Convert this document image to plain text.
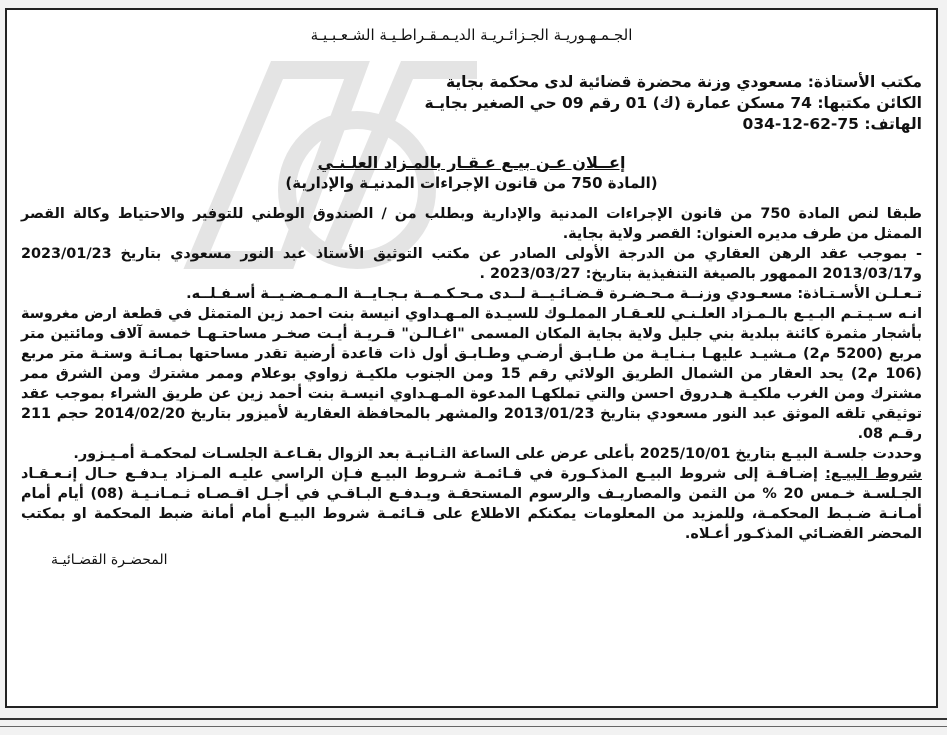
الجـمـهـوريـة الجـزائـريـة الديـمـقـراطـيـة الشـعـبـيـة
مكتب الأستاذة: مسعودي وزنة محضرة قضائية لدى محكمة بجاية
الكائن مكتبها: 74 مسكن عمارة (ك) 01 رقم 09 حي الصغير بجايـة
الهاتف: 75-62-12-034
إعــلان عـن بيـع عـقـار بالمـزاد العلـنـي
(المادة 750 من قانون الإجراءات المدنيـة والإدارية)

طبقا لنص المادة 750 من قانون الإجراءات المدنية والإدارية وبطلب من / الصندوق الوطني للتوفير والاحتياط وكالة القصر الممثل من طرف مديره العنوان: القصر ولاية بجاية.

- بموجب عقد الرهن العقاري من الدرجة الأولى الصادر عن مكتب التوثيق الأستاذ عبد النور مسعودي بتاريخ 2023/01/23 و2013/03/17 الممهور بالصيغة التنفيذية بتاريخ: 2023/03/27 .

تـعـلـن الأسـتـاذة: مسعـودي وزنــة مـحـضـرة قـضـائـيــة لــدى مـحـكـمــة بـجـايــة الـمـمـضـيــة أسـفـلــه.

انـه سـيـتـم البـيـع بالـمـزاد العلـنـي للعـقـار المملـوك للسيـدة المـهـداوي انيسة بنت احمد زين المتمثل في قطعة ارض مغروسة بأشجار مثمرة كائنة ببلدية بني جليل ولاية بجاية المكان المسمى "اغـالـن" قـريـة أيـت صخـر مساحتـهـا خمسة آلاف ومائتين متر مربع (5200 م2) مـشيـد عليهـا بـنـايـة من طـابـق أرضـي وطـابـق أول ذات قاعدة أرضية تقدر مساحتها بمـائـة وستـة متر مربع (106 م2) يحد العقار من الشمال الطريق الولائي رقم 15 ومن الجنوب ملكيـة زواوي بوعلام وممر مشترك ومن الشرق ممر مشترك ومن الغرب ملكيـة هـدروق احسن والتي تملكهـا المدعوة المـهـداوي انيسـة بنت أحمد زين عن طريق الشراء بموجب عقد توثيقي تلقه الموثق عبد النور مسعودي بتاريخ 2013/01/23 والمشهر بالمحافظة العقارية لأميزور بتاريخ 2014/02/20 حجم 211 رقـم 08.

وحددت جلسـة البيـع بتاريخ 2025/10/01 بأعلى عرض على الساعة الثـانيـة بعد الزوال بقـاعـة الجلسـات لمحكمـة أمـيـزور.

شروط البيـع: إضـافـة إلى شروط البيـع المذكـورة في قـائمـة شـروط البيـع فـإن الراسي عليـه المـزاد يـدفـع حـال إنـعـقـاد الجـلسـة خـمس 20 % من الثمن والمصاريـف والرسوم المستحقـة ويـدفـع البـاقـي في أجـل اقـصـاه ثـمـانـيـة (08) أيام أمام أمـانـة ضـبـط المحكمـة، وللمزيد من المعلومات يمكنكم الاطلاع على قـائمـة شروط البيـع أمام أمانة ضبط المحكمة او بمكتب المحضر القضـائي المذكـور أعـلاه.

المحضـرة القضـائيـة
